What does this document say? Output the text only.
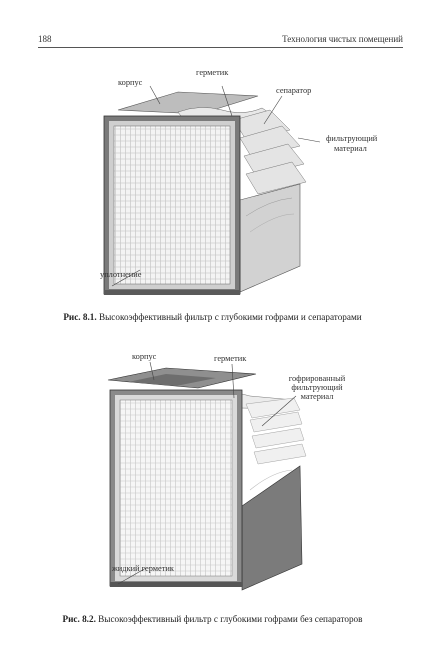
188	Технология чистых помещений
корпус
герметик
сепаратор
фильтрующий
материал
уплотнение
Рис. 8.1. Высокоэффективный фильтр с глубокими гофрами и сепараторами
корпус	герметик
гофрированный
фильтрующий
материал
жидкий герметик
Рис. 8.2. Высокоэффективный фильтр с глубокими гофрами без сепараторов
